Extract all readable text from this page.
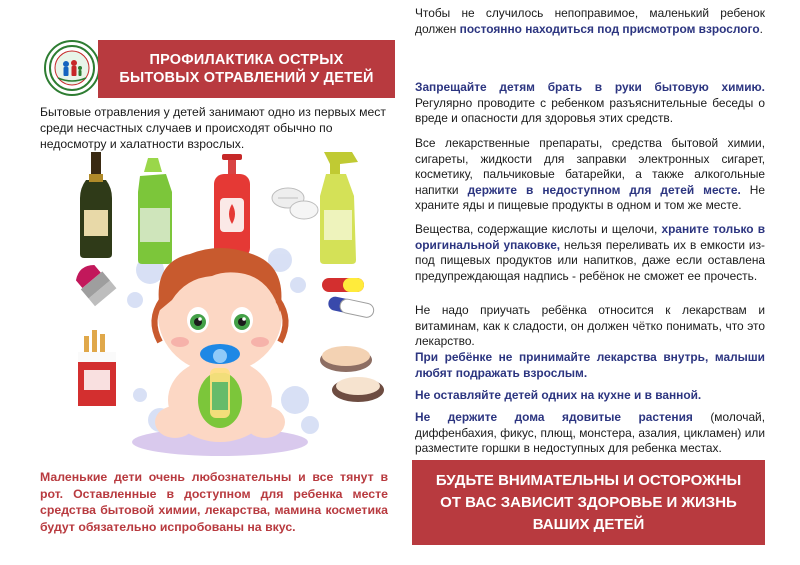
ПРОФИЛАКТИКА ОСТРЫХ
БЫТОВЫХ ОТРАВЛЕНИЙ У ДЕТЕЙ
Бытовые отравления у детей занимают одно из первых мест среди несчастных случаев и происходят обычно по недосмотру и халатности взрослых.
Маленькие дети очень любознательны и все тянут в рот. Оставленные в доступном для ребенка месте средства бытовой химии, лекарства, мамина косметика будут обязательно испробованы на вкус.
Чтобы не случилось непоправимое, маленький ребенок должен постоянно находиться под присмотром взрослого.
Запрещайте детям брать в руки бытовую химию. Регулярно проводите с ребенком разъяснительные беседы о вреде и опасности для здоровья этих средств.
Все лекарственные препараты, средства бытовой химии, сигареты, жидкости для заправки электронных сигарет, косметику, пальчиковые батарейки, а также алкогольные напитки держите в недоступном для детей месте. Не храните яды и пищевые продукты в одном и том же месте.
Вещества, содержащие кислоты и щелочи, храните только в оригинальной упаковке, нельзя переливать их в емкости из-под пищевых продуктов или напитков, даже если оставлена предупреждающая надпись - ребёнок не сможет ее прочесть.
Не надо приучать ребёнка относится к лекарствам и витаминам, как к сладости, он должен чётко понимать, что это лекарство.
При ребёнке не принимайте лекарства внутрь, малыши любят подражать взрослым.
Не оставляйте детей одних на кухне и в ванной.
Не держите дома ядовитые растения (молочай, диффенбахия, фикус, плющ, монстера, азалия, цикламен) или разместите горшки в недоступных для ребенка местах.
БУДЬТЕ ВНИМАТЕЛЬНЫ И ОСТОРОЖНЫ
ОТ ВАС ЗАВИСИТ ЗДОРОВЬЕ И ЖИЗНЬ
ВАШИХ ДЕТЕЙ
